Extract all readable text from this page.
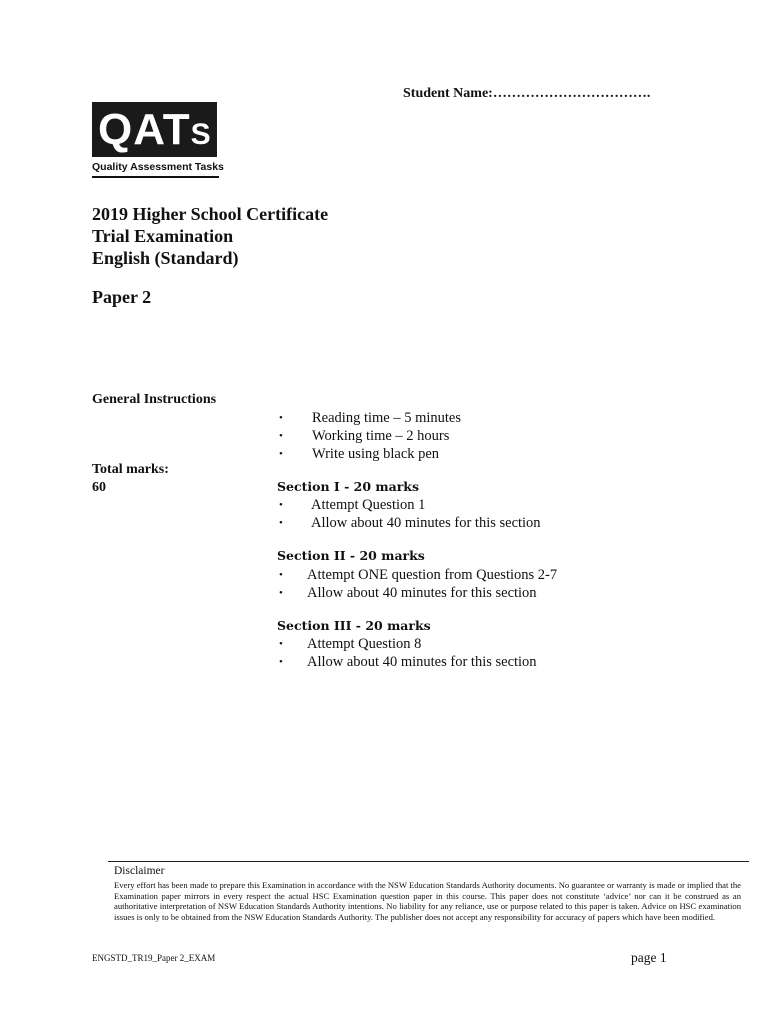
Student Name:…………………………….
QAT S
Quality Assessment Tasks
2019 Higher School Certificate
Trial Examination
English (Standard)
Paper 2
General Instructions
• Reading time – 5 minutes
• Working time – 2 hours
• Write using black pen
Total marks:
60	Section I - 20 marks
• Attempt Question 1
• Allow about 40 minutes for this section
Section II - 20 marks
• Attempt ONE question from Questions 2-7
• Allow about 40 minutes for this section
Section III - 20 marks
• Attempt Question 8
• Allow about 40 minutes for this section
Disclaimer
Every effort has been made to prepare this Examination in accordance with the NSW Education Standards Authority documents. No guarantee or warranty is made or implied that the Examination paper mirrors in every respect the actual HSC Examination question paper in this course. This paper does not constitute ‘advice’ nor can it be construed as an authoritative interpretation of NSW Education Standards Authority intentions. No liability for any reliance, use or purpose related to this paper is taken. Advice on HSC examination issues is only to be obtained from the NSW Education Standards Authority. The publisher does not accept any responsibility for accuracy of papers which have been modified.
ENGSTD_TR19_Paper 2_EXAM	page 1
